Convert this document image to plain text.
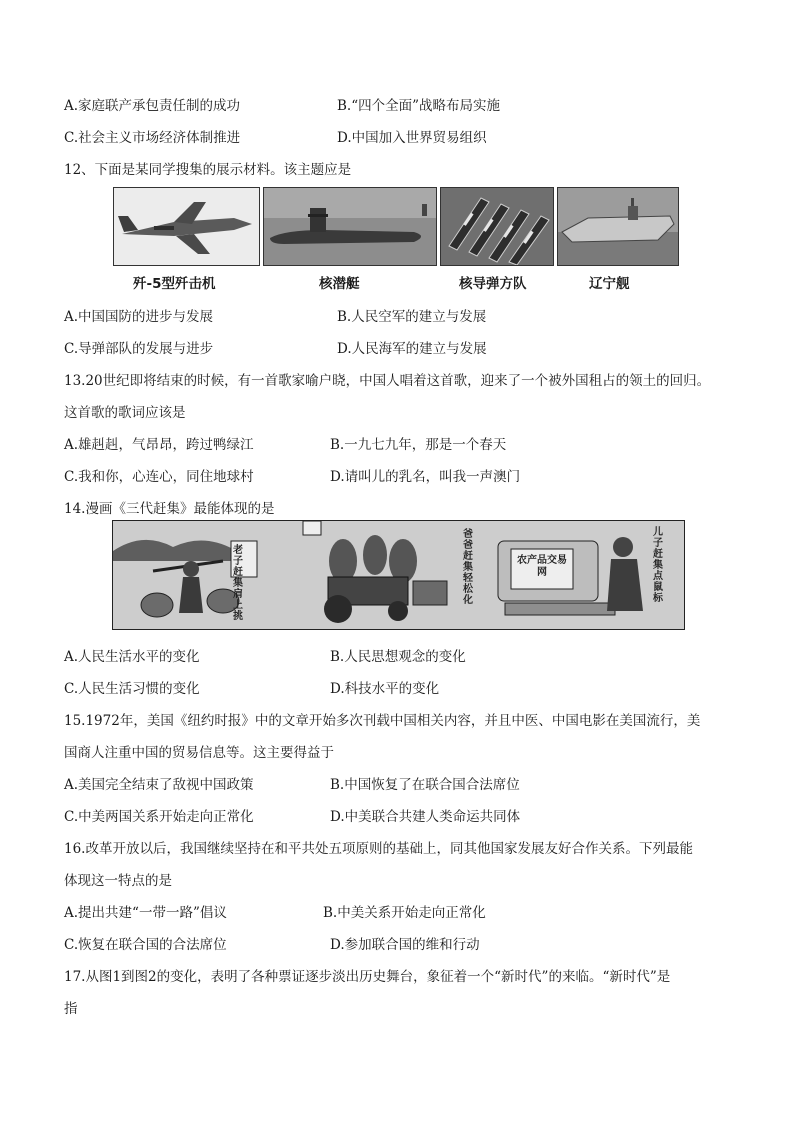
A.家庭联产承包责任制的成功	B.“四个全面”战略布局实施
C.社会主义市场经济体制推进	D.中国加入世界贸易组织
12、下面是某同学搜集的展示材料。该主题应是
歼-5型歼击机	核潜艇	核导弹方队	辽宁舰
A.中国国防的进步与发展	B.人民空军的建立与发展
C.导弹部队的发展与进步	D.人民海军的建立与发展
13.20世纪即将结束的时候，有一首歌家喻户晓，中国人唱着这首歌，迎来了一个被外国租占的领土的回归。
这首歌的歌词应该是
A.雄赳赳，气昂昂，跨过鸭绿江	B.一九七九年，那是一个春天
C.我和你，心连心，同住地球村	D.请叫儿的乳名，叫我一声澳门
14.漫画《三代赶集》最能体现的是
老子赶集肩上挑
爸爸赶集轻松化
农产品交易网
儿子赶集点鼠标
A.人民生活水平的变化	B.人民思想观念的变化
C.人民生活习惯的变化	D.科技水平的变化
15.1972年，美国《纽约时报》中的文章开始多次刊载中国相关内容，并且中医、中国电影在美国流行，美
国商人注重中国的贸易信息等。这主要得益于
A.美国完全结束了敌视中国政策	B.中国恢复了在联合国合法席位
C.中美两国关系开始走向正常化	D.中美联合共建人类命运共同体
16.改革开放以后，我国继续坚持在和平共处五项原则的基础上，同其他国家发展友好合作关系。下列最能
体现这一特点的是
A.提出共建“一带一路”倡议	B.中美关系开始走向正常化
C.恢复在联合国的合法席位	D.参加联合国的维和行动
17.从图1到图2的变化，表明了各种票证逐步淡出历史舞台，象征着一个“新时代”的来临。“新时代”是
指
